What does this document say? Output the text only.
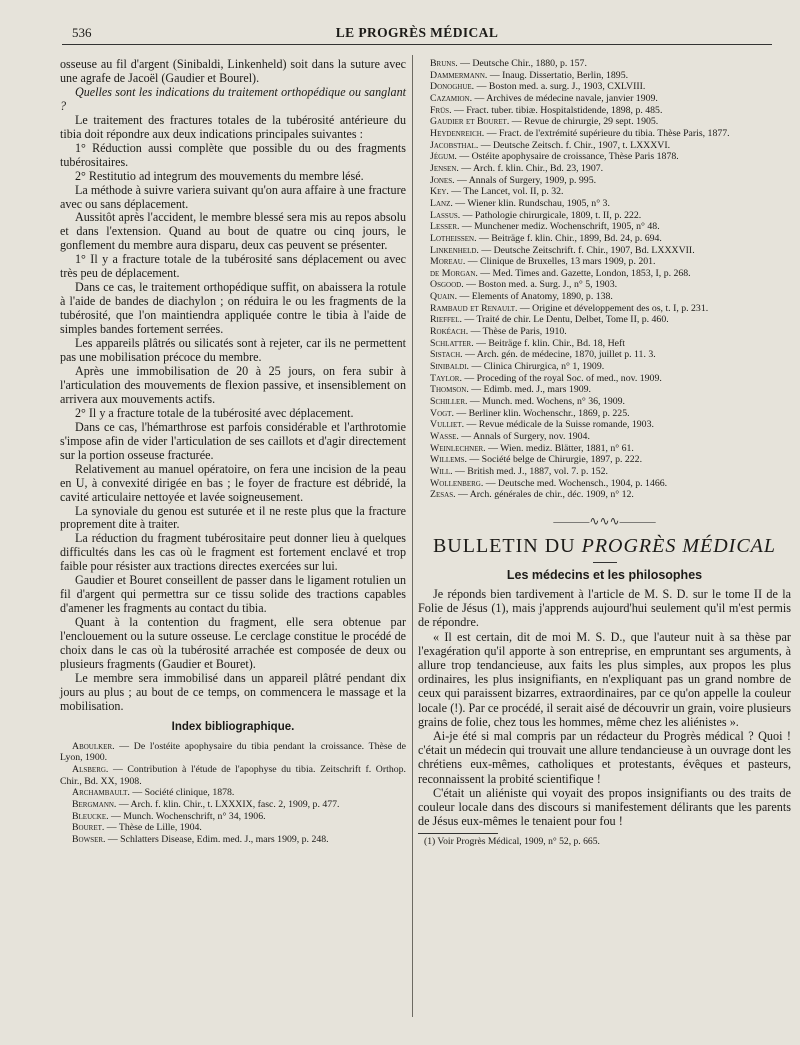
536	LE PROGRÈS MÉDICAL

osseuse au fil d'argent (Sinibaldi, Linkenheld) soit dans la suture avec une agrafe de Jacoël (Gaudier et Bourel).

Quelles sont les indications du traitement orthopédique ou sanglant ?

Le traitement des fractures totales de la tubérosité antérieure du tibia doit répondre aux deux indications principales suivantes :

1° Réduction aussi complète que possible du ou des fragments tubérositaires.

2° Restitutio ad integrum des mouvements du membre lésé.

La méthode à suivre variera suivant qu'on aura affaire à une fracture avec ou sans déplacement.

Aussitôt après l'accident, le membre blessé sera mis au repos absolu et dans l'extension. Quand au bout de quatre ou cinq jours, le gonflement du membre aura disparu, deux cas peuvent se présenter.

1° Il y a fracture totale de la tubérosité sans déplacement ou avec très peu de déplacement.

Dans ce cas, le traitement orthopédique suffit, on abaissera la rotule à l'aide de bandes de diachylon ; on réduira le ou les fragments de la tubérosité, que l'on maintiendra appliquée contre le tibia à l'aide de simples bandes fortement serrées.

Les appareils plâtrés ou silicatés sont à rejeter, car ils ne permettent pas une mobilisation précoce du membre.

Après une immobilisation de 20 à 25 jours, on fera subir à l'articulation des mouvements de flexion passive, et insensiblement on arrivera aux mouvements actifs.

2° Il y a fracture totale de la tubérosité avec déplacement.

Dans ce cas, l'hémarthrose est parfois considérable et l'arthrotomie s'impose afin de vider l'articulation de ses caillots et d'agir directement sur la portion osseuse fracturée.

Relativement au manuel opératoire, on fera une incision de la peau en U, à convexité dirigée en bas ; le foyer de fracture est débridé, la cavité articulaire nettoyée et lavée soigneusement.

La synoviale du genou est suturée et il ne reste plus que la fracture proprement dite à traiter.

La réduction du fragment tubérositaire peut donner lieu à quelques difficultés dans les cas où le fragment est fortement enclavé et trop faible pour résister aux tractions directes exercées sur lui.

Gaudier et Bouret conseillent de passer dans le ligament rotulien un fil d'argent qui permettra sur ce tissu solide des tractions capables d'amener les fragments au contact du tibia.

Quant à la contention du fragment, elle sera obtenue par l'enclouement ou la suture osseuse. Le cerclage constitue le procédé de choix dans le cas où la tubérosité arrachée est composée de deux ou plusieurs fragments (Gaudier et Bouret).

Le membre sera immobilisé dans un appareil plâtré pendant dix jours au plus ; au bout de ce temps, on commencera le massage et la mobilisation.

Index bibliographique.

Aboulker. — De l'ostéite apophysaire du tibia pendant la croissance. Thèse de Lyon, 1900.

Alsberg. — Contribution à l'étude de l'apophyse du tibia. Zeitschrift f. Orthop. Chir., Bd. XX, 1908.

Archambault. — Société clinique, 1878.

Bergmann. — Arch. f. klin. Chir., t. LXXXIX, fasc. 2, 1909, p. 477.

Bleucke. — Munch. Wochenschrift, n° 34, 1906.

Bouret. — Thèse de Lille, 1904.

Bowser. — Schlatters Disease, Edim. med. J., mars 1909, p. 248.

Bruns. — Deutsche Chir., 1880, p. 157.

Dammermann. — Inaug. Dissertatio, Berlin, 1895.

Donoghue. — Boston med. a. surg. J., 1903, CXLVIII.

Cazamion. — Archives de médecine navale, janvier 1909.

Früs. — Fract. tuber. tibiæ. Hospitalstidende, 1898, p. 485.

Gaudier et Bouret. — Revue de chirurgie, 29 sept. 1905.

Heydenreich. — Fract. de l'extrémité supérieure du tibia. Thèse Paris, 1877.

Jacobsthal. — Deutsche Zeitsch. f. Chir., 1907, t. LXXXVI.

Jégum. — Ostéite apophysaire de croissance, Thèse Paris 1878.

Jensen. — Arch. f. klin. Chir., Bd. 23, 1907.

Jones. — Annals of Surgery, 1909, p. 995.

Key. — The Lancet, vol. II, p. 32.

Lanz. — Wiener klin. Rundschau, 1905, n° 3.

Lassus. — Pathologie chirurgicale, 1809, t. II, p. 222.

Lesser. — Munchener mediz. Wochenschrift, 1905, n° 48.

Lotheissen. — Beiträge f. klin. Chir., 1899, Bd. 24, p. 694.

Linkenheld. — Deutsche Zeitschrift. f. Chir., 1907, Bd. LXXXVII.

Moreau. — Clinique de Bruxelles, 13 mars 1909, p. 201.

de Morgan. — Med. Times and. Gazette, London, 1853, I, p. 268.

Osgood. — Boston med. a. Surg. J., n° 5, 1903.

Quain. — Elements of Anatomy, 1890, p. 138.

Rambaud et Renault. — Origine et développement des os, t. I, p. 231.

Rieffel. — Traité de chir. Le Dentu, Delbet, Tome II, p. 460.

Rokéach. — Thèse de Paris, 1910.

Schlatter. — Beiträge f. klin. Chir., Bd. 18, Heft

Sistach. — Arch. gén. de médecine, 1870, juillet p. 11. 3.

Sinibaldi. — Clinica Chirurgica, n° 1, 1909.

Taylor. — Proceding of the royal Soc. of med., nov. 1909.

Thomson. — Edimb. med. J., mars 1909.

Schiller. — Munch. med. Wochens, n° 36, 1909.

Vogt. — Berliner klin. Wochenschr., 1869, p. 225.

Vulliet. — Revue médicale de la Suisse romande, 1903.

Wasse. — Annals of Surgery, nov. 1904.

Weinlechner. — Wien. mediz. Blätter, 1881, n° 61.

Willems. — Société belge de Chirurgie, 1897, p. 222.

Will. — British med. J., 1887, vol. 7. p. 152.

Wollenberg. — Deutsche med. Wochensch., 1904, p. 1466.

Zesas. — Arch. générales de chir., déc. 1909, n° 12.

———∿∿∿———
BULLETIN DU PROGRÈS MÉDICAL
Les médecins et les philosophes

Je réponds bien tardivement à l'article de M. S. D. sur le tome II de la Folie de Jésus (1), mais j'apprends aujourd'hui seulement qu'il m'est permis de répondre.

« Il est certain, dit de moi M. S. D., que l'auteur nuit à sa thèse par l'exagération qu'il apporte à son entreprise, en empruntant ses arguments, à allure trop tendancieuse, aux faits les plus simples, aux propos les plus ordinaires, les plus insignifiants, en n'expliquant pas un grand nombre de ceux qui paraissent bizarres, extraordinaires, par ce qu'on appelle la couleur locale (!). Par ce procédé, il serait aisé de découvrir un grain, voire plusieurs grains de folie, chez tous les hommes, même chez les aliénistes ».

Ai-je été si mal compris par un rédacteur du Progrès médical ? Quoi ! c'était un médecin qui trouvait une allure tendancieuse à un ouvrage dont les chrétiens eux-mêmes, catholiques et protestants, évêques et pasteurs, reconnaissent la probité scientifique !

C'était un aliéniste qui voyait des propos insignifiants ou des traits de couleur locale dans des discours si manifestement délirants que les parents de Jésus eux-mêmes le tenaient pour fou !

(1) Voir Progrès Médical, 1909, n° 52, p. 665.
